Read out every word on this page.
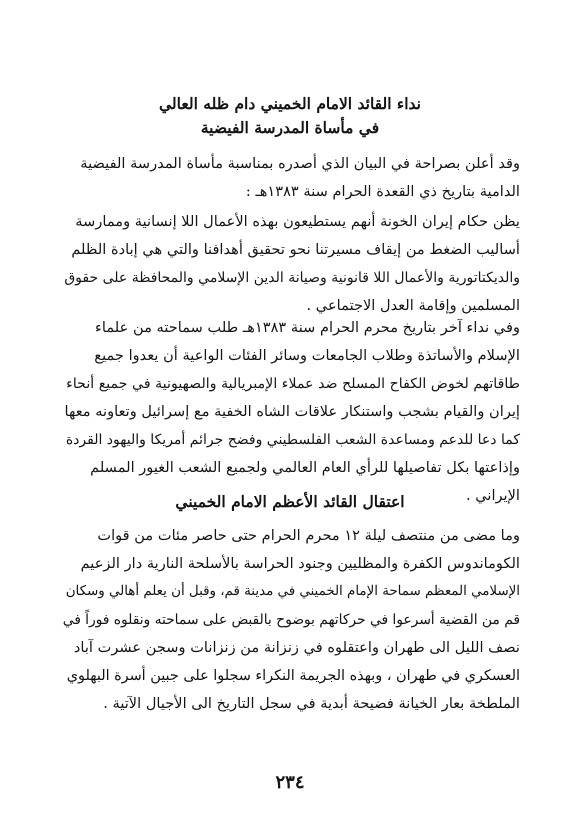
نداء القائد الامام الخميني دام ظله العالي
في مأساة المدرسة الفيضية
وقد أعلن بصراحة في البيان الذي أصدره بمناسبة مأساة المدرسة الفيضية
الدامية بتاريخ ذي القعدة الحرام سنة ١٣٨٣هـ :
يظن حكام إيران الخونة أنهم يستطيعون بهذه الأعمال اللا إنسانية وممارسة
أساليب الضغط من إيقاف مسيرتنا نحو تحقيق أهدافنا والتي هي إبادة الظلم
والديكتاتورية والأعمال اللا قانونية وصيانة الدين الإسلامي والمحافظة على حقوق
المسلمين وإقامة العدل الاجتماعي .
وفي نداء آخر بتاريخ محرم الحرام سنة ١٣٨٣هـ طلب سماحته من علماء
الإسلام والأساتذة وطلاب الجامعات وسائر الفئات الواعية أن يعدوا جميع
طاقاتهم لخوض الكفاح المسلح ضد عملاء الإمبريالية والصهيونية في جميع أنحاء
إيران والقيام بشجب واستنكار علاقات الشاه الخفية مع إسرائيل وتعاونه معها
كما دعا للدعم ومساعدة الشعب الفلسطيني وفضح جرائم أمريكا واليهود القردة
وإذاعتها بكل تفاصيلها للرأي العام العالمي ولجميع الشعب الغيور المسلم
الإيراني .
اعتقال القائد الأعظم الامام الخميني
وما مضى من منتصف ليلة ١٢ محرم الحرام حتى حاصر مئات من قوات
الكوماندوس الكفرة والمظليين وجنود الحراسة بالأسلحة النارية دار الزعيم
الإسلامي المعظم سماحة الإمام الخميني في مدينة قم، وقبل أن يعلم أهالي وسكان
قم من القضية أسرعوا في حركاتهم بوضوح بالقبض على سماحته ونقلوه فوراً في
نصف الليل الى طهران واعتقلوه في زنزانة من زنزانات وسجن عشرت آباد
العسكري في طهران ، وبهذه الجريمة النكراء سجلوا على جبين أسرة البهلوي
الملطخة بعار الخيانة فضيحة أبدية في سجل التاريخ الى الأجيال الآتية .
٢٣٤
